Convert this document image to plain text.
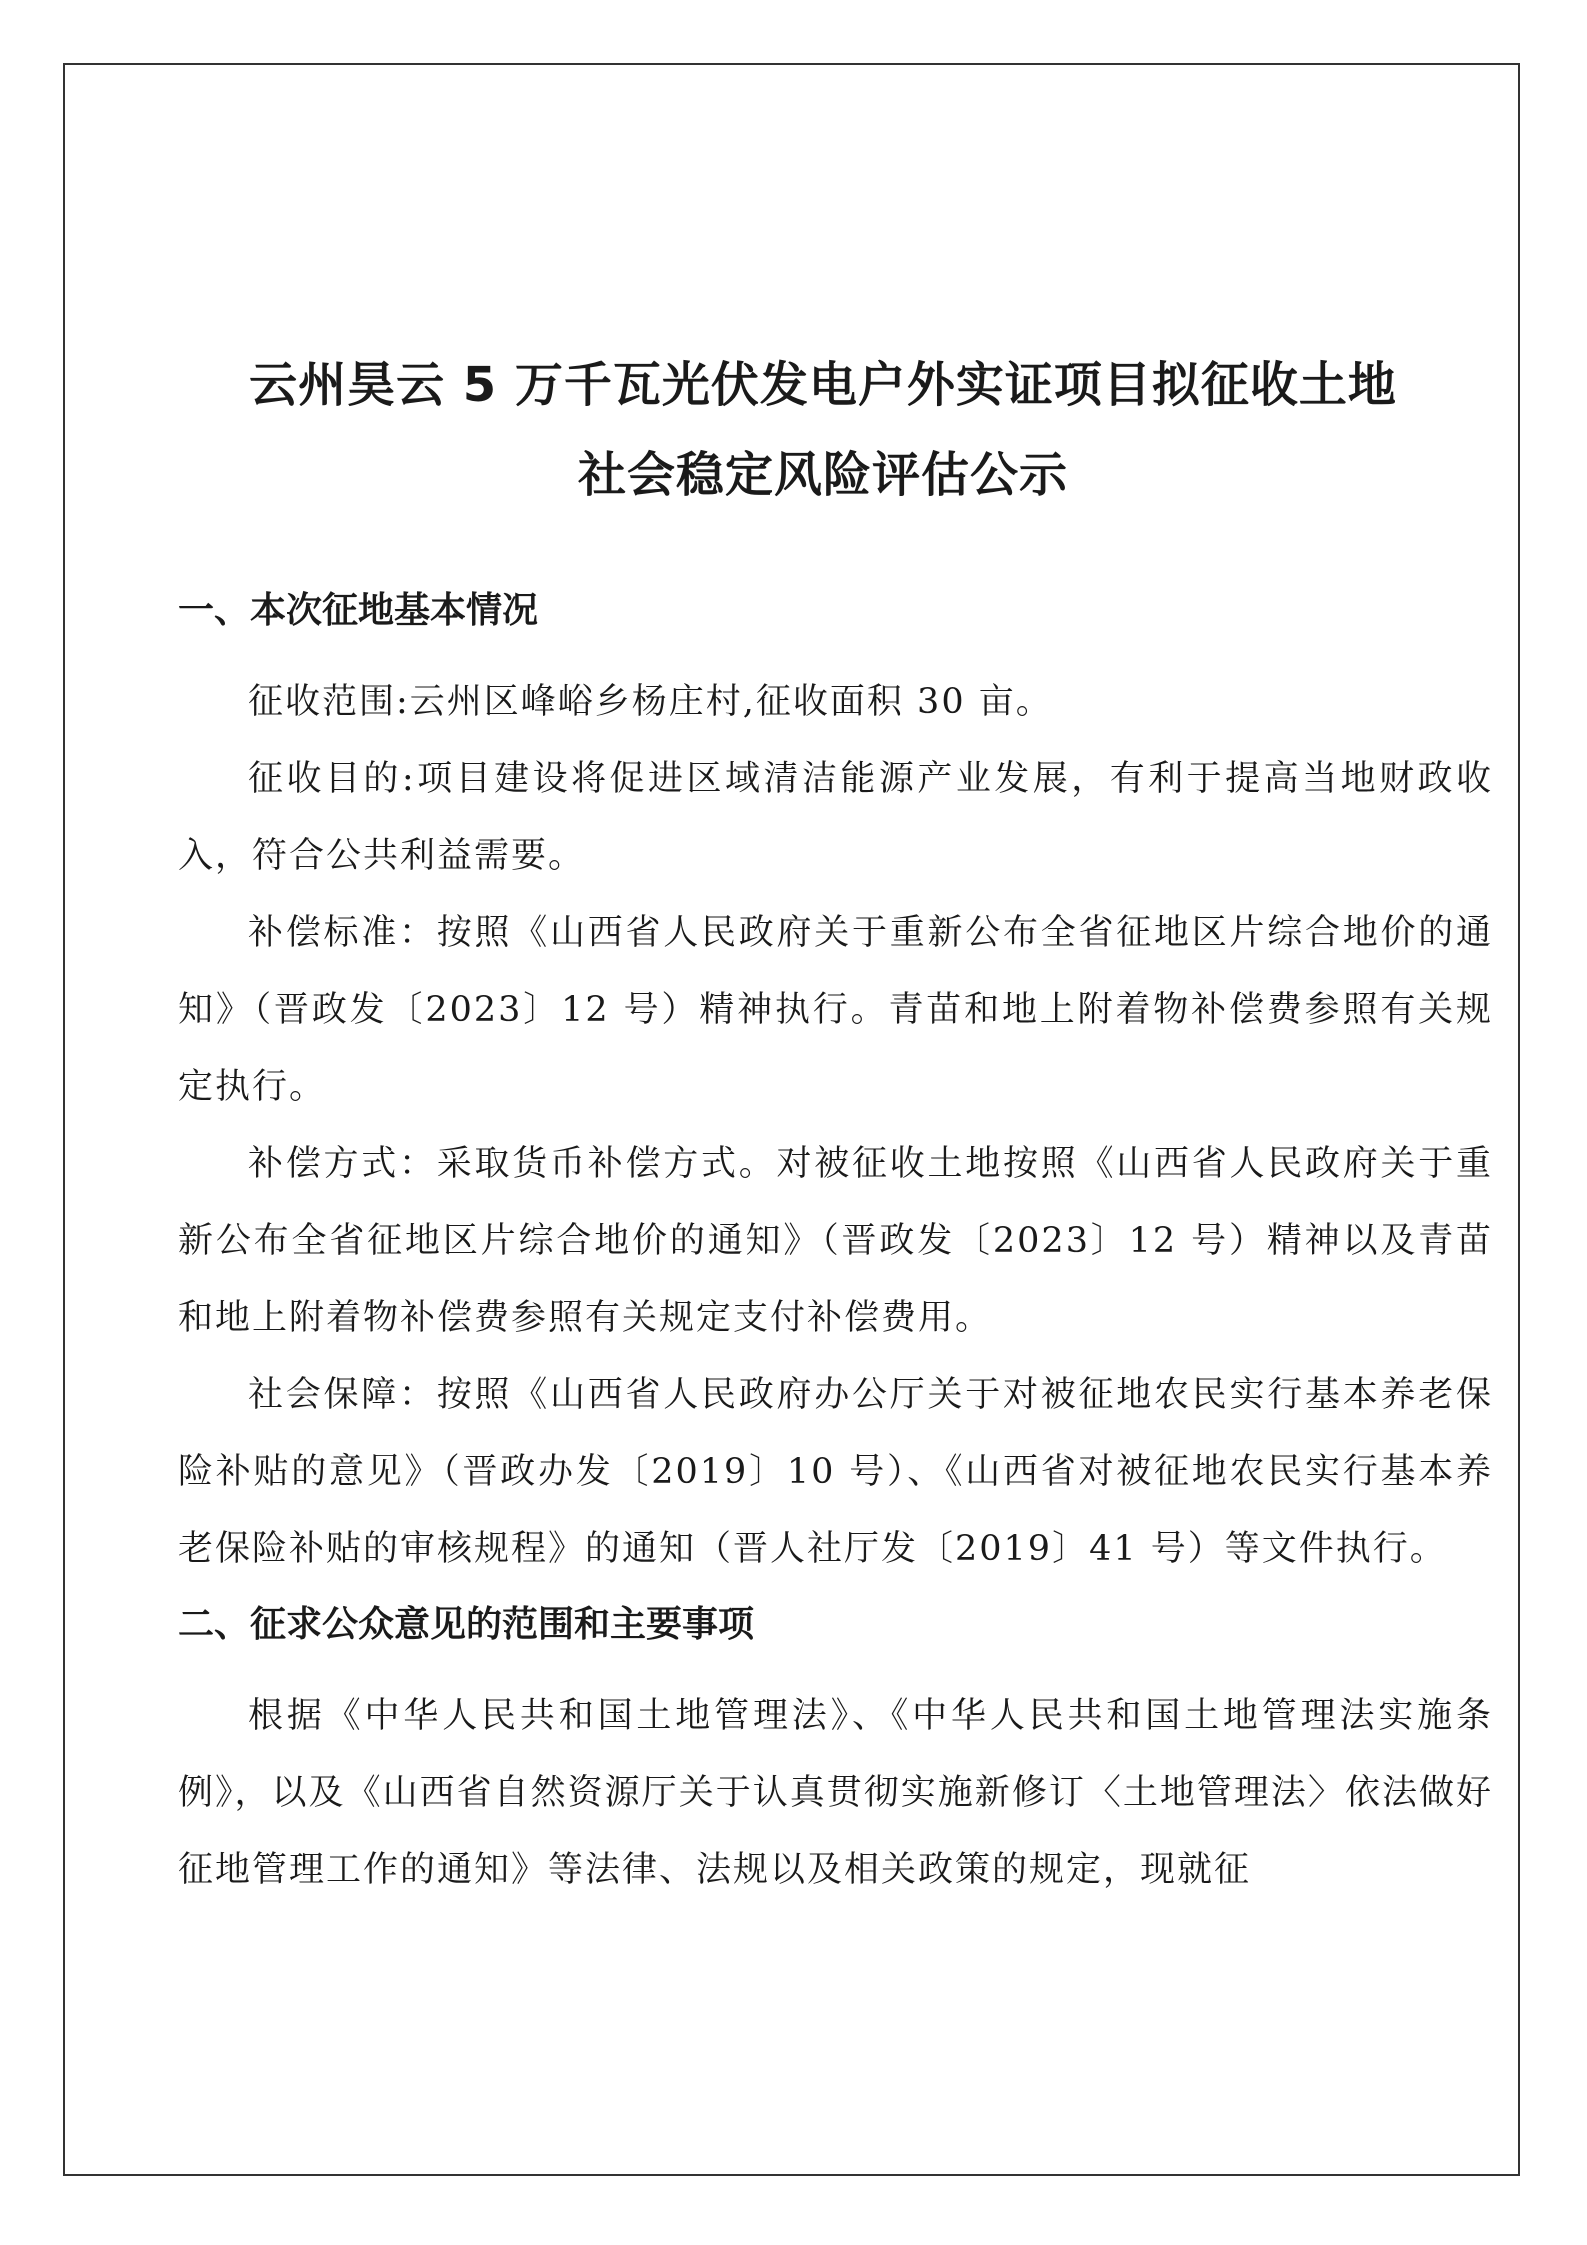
云州昊云 5 万千瓦光伏发电户外实证项目拟征收土地
社会稳定风险评估公示
一、本次征地基本情况

征收范围:云州区峰峪乡杨庄村,征收面积 30 亩。

征收目的:项目建设将促进区域清洁能源产业发展，有利于提高当地财政收入，符合公共利益需要。

补偿标准：按照《山西省人民政府关于重新公布全省征地区片综合地价的通知》（晋政发〔2023〕12 号）精神执行。青苗和地上附着物补偿费参照有关规定执行。

补偿方式：采取货币补偿方式。对被征收土地按照《山西省人民政府关于重新公布全省征地区片综合地价的通知》（晋政发〔2023〕12 号）精神以及青苗和地上附着物补偿费参照有关规定支付补偿费用。

社会保障：按照《山西省人民政府办公厅关于对被征地农民实行基本养老保险补贴的意见》（晋政办发〔2019〕10 号）、《山西省对被征地农民实行基本养老保险补贴的审核规程》的通知（晋人社厅发〔2019〕41 号）等文件执行。

二、征求公众意见的范围和主要事项

根据《中华人民共和国土地管理法》、《中华人民共和国土地管理法实施条例》，以及《山西省自然资源厅关于认真贯彻实施新修订〈土地管理法〉依法做好征地管理工作的通知》等法律、法规以及相关政策的规定，现就征
